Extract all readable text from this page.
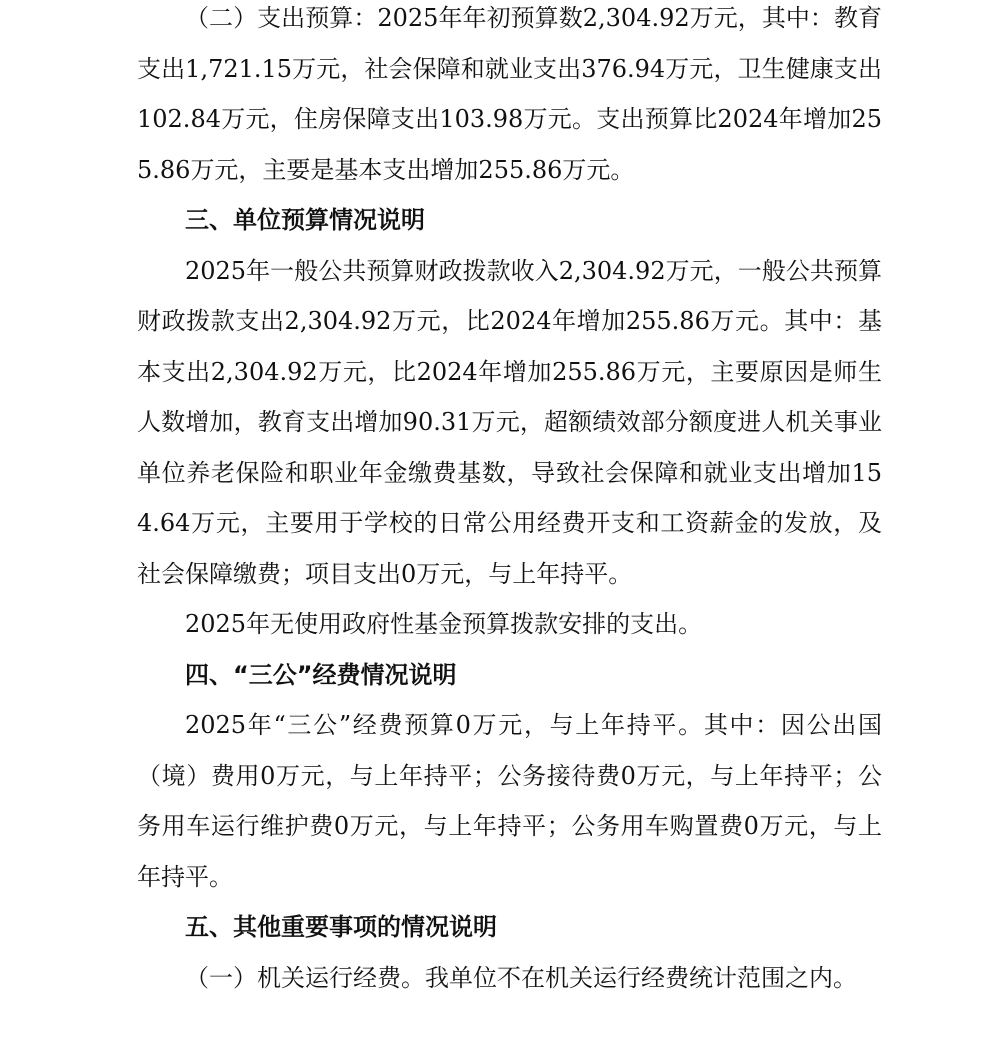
（二）支出预算：2025年年初预算数2,304.92万元，其中：教育支出1,721.15万元，社会保障和就业支出376.94万元，卫生健康支出102.84万元，住房保障支出103.98万元。支出预算比2024年增加255.86万元，主要是基本支出增加255.86万元。

三、单位预算情况说明

2025年一般公共预算财政拨款收入2,304.92万元，一般公共预算财政拨款支出2,304.92万元，比2024年增加255.86万元。其中：基本支出2,304.92万元，比2024年增加255.86万元，主要原因是师生人数增加，教育支出增加90.31万元，超额绩效部分额度进人机关事业单位养老保险和职业年金缴费基数，导致社会保障和就业支出增加154.64万元，主要用于学校的日常公用经费开支和工资薪金的发放，及社会保障缴费；项目支出0万元，与上年持平。

2025年无使用政府性基金预算拨款安排的支出。

四、“三公”经费情况说明

2025年“三公”经费预算0万元，与上年持平。其中：因公出国（境）费用0万元，与上年持平；公务接待费0万元，与上年持平；公务用车运行维护费0万元，与上年持平；公务用车购置费0万元，与上年持平。

五、其他重要事项的情况说明

（一）机关运行经费。我单位不在机关运行经费统计范围之内。
